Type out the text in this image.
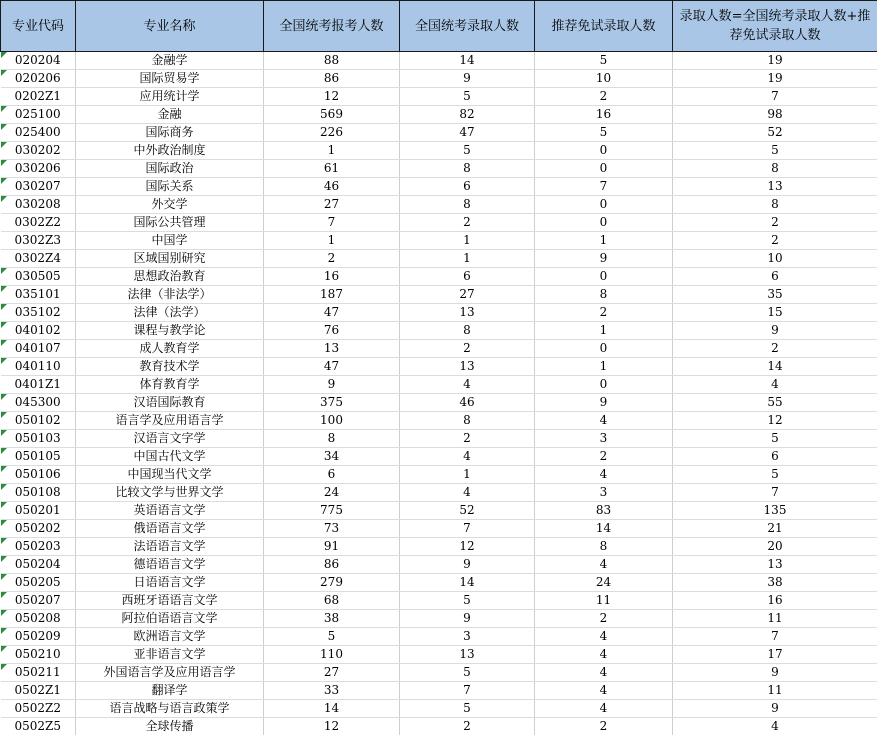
专业代码	专业名称	全国统考报考人数	全国统考录取人数	推荐免试录取人数	录取人数=全国统考录取人数+推荐免试录取人数

020204	金融学	88	14	5	19

020206	国际贸易学	86	9	10	19
0202Z1	应用统计学	12	5	2	7

025100	金融	569	82	16	98

025400	国际商务	226	47	5	52

030202	中外政治制度	1	5	0	5

030206	国际政治	61	8	0	8

030207	国际关系	46	6	7	13

030208	外交学	27	8	0	8
0302Z2	国际公共管理	7	2	0	2
0302Z3	中国学	1	1	1	2
0302Z4	区域国别研究	2	1	9	10

030505	思想政治教育	16	6	0	6

035101	法律（非法学）	187	27	8	35

035102	法律（法学）	47	13	2	15

040102	课程与教学论	76	8	1	9

040107	成人教育学	13	2	0	2

040110	教育技术学	47	13	1	14
0401Z1	体育教育学	9	4	0	4

045300	汉语国际教育	375	46	9	55

050102	语言学及应用语言学	100	8	4	12

050103	汉语言文字学	8	2	3	5

050105	中国古代文学	34	4	2	6

050106	中国现当代文学	6	1	4	5

050108	比较文学与世界文学	24	4	3	7

050201	英语语言文学	775	52	83	135

050202	俄语语言文学	73	7	14	21

050203	法语语言文学	91	12	8	20

050204	德语语言文学	86	9	4	13

050205	日语语言文学	279	14	24	38

050207	西班牙语语言文学	68	5	11	16

050208	阿拉伯语语言文学	38	9	2	11

050209	欧洲语言文学	5	3	4	7

050210	亚非语言文学	110	13	4	17

050211	外国语言学及应用语言学	27	5	4	9
0502Z1	翻译学	33	7	4	11
0502Z2	语言战略与语言政策学	14	5	4	9
0502Z5	全球传播	12	2	2	4
